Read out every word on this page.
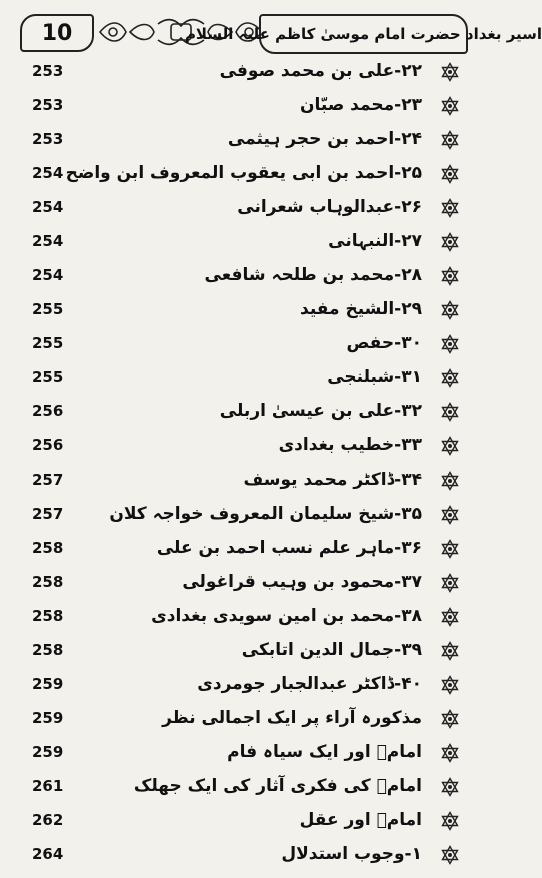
10	اسیر بغداد حضرت امام موسیٰ کاظم علیہ السلام
253	۲۲-علی بن محمد صوفی
253	۲۳-محمد صبّان
253	۲۴-احمد بن حجر ہیثمی
254 ۲۵-احمد بن ابی یعقوب المعروف ابن واضح
254	۲۶-عبدالوہاب شعرانی
254	۲۷-النبہانی
254	۲۸-محمد بن طلحہ شافعی
255	۲۹-الشیخ مفید
255	۳۰-حفص
255	۳۱-شبلنجی
256	۳۲-علی بن عیسیٰ اربلی
256	۳۳-خطیب بغدادی
257	۳۴-ڈاکٹر محمد یوسف
257	۳۵-شیخ سلیمان المعروف خواجہ کلان
258	۳۶-ماہر علم نسب احمد بن علی
258	۳۷-محمود بن وہیب قراغولی
258	۳۸-محمد بن امین سویدی بغدادی
258	۳۹-جمال الدین اتابکی
259	۴۰-ڈاکٹر عبدالجبار جومردی
259	مذکورہ آراء پر ایک اجمالی نظر
259	امامؑ اور ایک سیاہ فام
261	امامؑ کی فکری آثار کی ایک جھلک
262	امامؑ اور عقل
264	۱-وجوب استدلال
